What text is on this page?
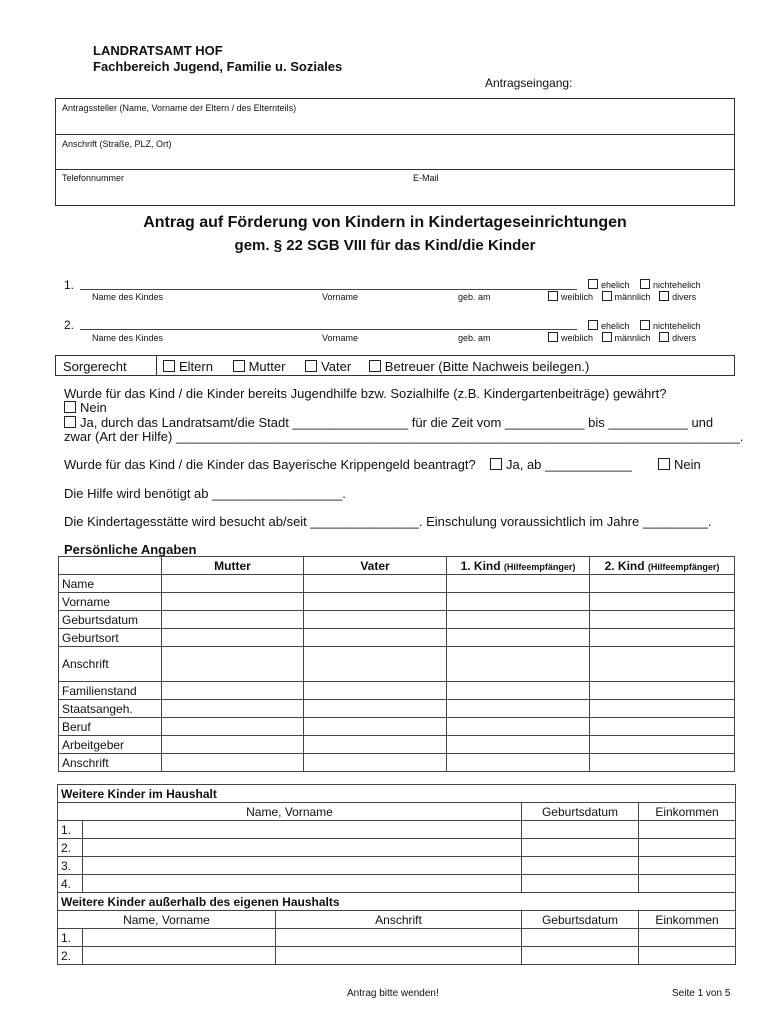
LANDRATSAMT HOF
Fachbereich Jugend, Familie u. Soziales
Antragseingang:
Antragssteller (Name, Vorname der Eltern / des Elternteils)
Anschrift (Straße, PLZ, Ort)
Telefonnummer	E-Mail
Antrag auf Förderung von Kindern in Kindertageseinrichtungen
gem. § 22 SGB VIII für das Kind/die Kinder
1.
Name des Kindes	Vorname	geb. am
ehelich	nichtehelich
weiblich männlich divers
2.
Name des Kindes	Vorname	geb. am
ehelich	nichtehelich
weiblich männlich divers
Sorgerecht	Eltern	Mutter	Vater	Betreuer (Bitte Nachweis beilegen.)
Wurde für das Kind / die Kinder bereits Jugendhilfe bzw. Sozialhilfe (z.B. Kindergartenbeiträge) gewährt?
Nein
Ja, durch das Landratsamt/die Stadt ________________ für die Zeit vom ___________ bis ___________ und
zwar (Art der Hilfe) ______________________________________________________________________________.
Wurde für das Kind / die Kinder das Bayerische Krippengeld beantragt?	Ja, ab ____________	Nein
Die Hilfe wird benötigt ab __________________.
Die Kindertagesstätte wird besucht ab/seit _______________. Einschulung voraussichtlich im Jahre _________.
Persönliche Angaben
	Mutter	Vater	1. Kind (Hilfeempfänger)	2. Kind (Hilfeempfänger)
Name				
Vorname				
Geburtsdatum				
Geburtsort				
Anschrift				
Familienstand				
Staatsangeh.				
Beruf				
Arbeitgeber				
Anschrift				
Weitere Kinder im Haushalt				
Name, Vorname			Geburtsdatum	Einkommen
1.				
2.				
3.				
4.				
Weitere Kinder außerhalb des eigenen Haushalts				
Name, Vorname		Anschrift	Geburtsdatum	Einkommen
1.				
2.				
Antrag bitte wenden!	Seite 1 von 5
